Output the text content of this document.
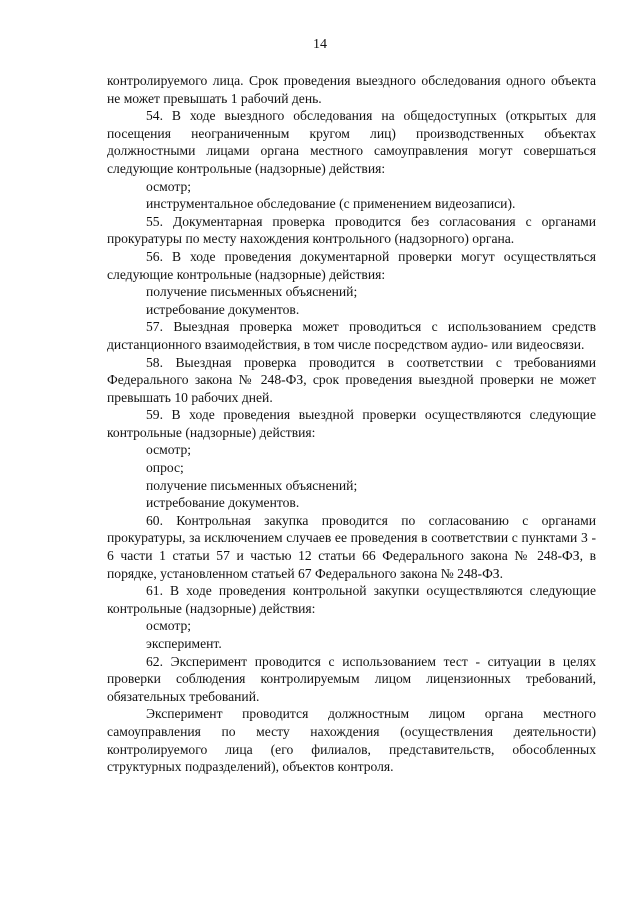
14

контролируемого лица. Срок проведения выездного обследования одного объекта не может превышать 1 рабочий день.

54. В ходе выездного обследования на общедоступных (открытых для посещения неограниченным кругом лиц) производственных объектах должностными лицами органа местного самоуправления могут совершаться следующие контрольные (надзорные) действия:

осмотр;

инструментальное обследование (с применением видеозаписи).

55. Документарная проверка проводится без согласования с органами прокуратуры по месту нахождения контрольного (надзорного) органа.

56. В ходе проведения документарной проверки могут осуществляться следующие контрольные (надзорные) действия:

получение письменных объяснений;

истребование документов.

57. Выездная проверка может проводиться с использованием средств дистанционного взаимодействия, в том числе посредством аудио- или видеосвязи.

58. Выездная проверка проводится в соответствии с требованиями Федерального закона № 248-ФЗ, срок проведения выездной проверки не может превышать 10 рабочих дней.

59. В ходе проведения выездной проверки осуществляются следующие контрольные (надзорные) действия:

осмотр;

опрос;

получение письменных объяснений;

истребование документов.

60. Контрольная закупка проводится по согласованию с органами прокуратуры, за исключением случаев ее проведения в соответствии с пунктами 3 - 6 части 1 статьи 57 и частью 12 статьи 66 Федерального закона № 248-ФЗ, в порядке, установленном статьей 67 Федерального закона № 248-ФЗ.

61. В ходе проведения контрольной закупки осуществляются следующие контрольные (надзорные) действия:

осмотр;

эксперимент.

62. Эксперимент проводится с использованием тест - ситуации в целях проверки соблюдения контролируемым лицом лицензионных требований, обязательных требований.

Эксперимент проводится должностным лицом органа местного самоуправления по месту нахождения (осуществления деятельности) контролируемого лица (его филиалов, представительств, обособленных структурных подразделений), объектов контроля.
